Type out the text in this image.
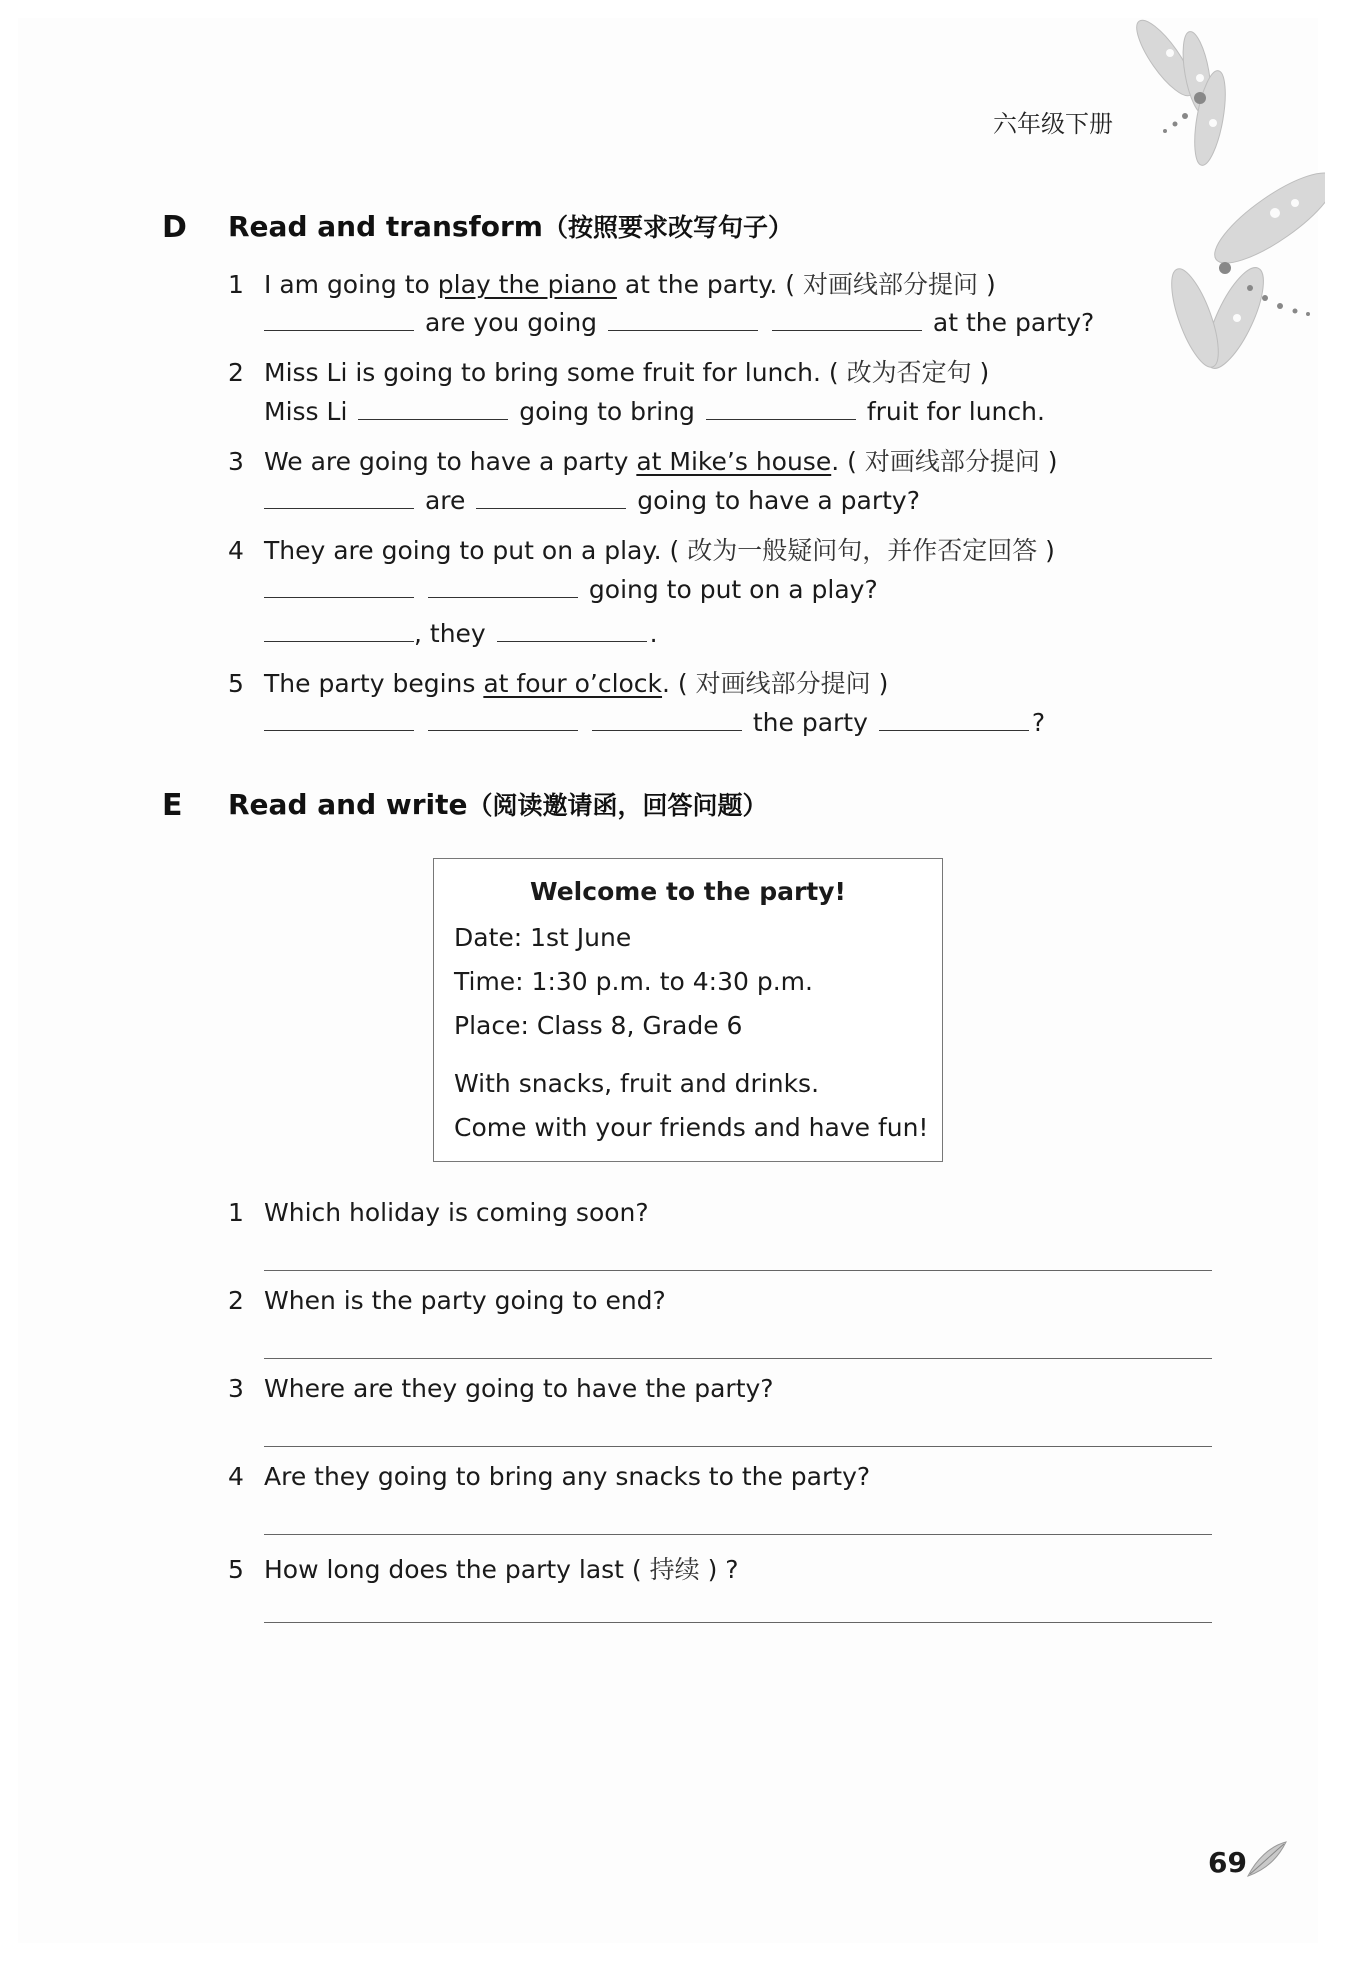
六年级下册
D Read and transform（按照要求改写句子）
1 I am going to play the piano at the party. ( 对画线部分提问 )
are you going	at the party?
2 Miss Li is going to bring some fruit for lunch. ( 改为否定句 )
Miss Li	going to bring	fruit for lunch.
3 We are going to have a party at Mike’s house. ( 对画线部分提问 )
are	going to have a party?
4 They are going to put on a play. ( 改为一般疑问句，并作否定回答 )
going to put on a play?
, they	.
5 The party begins at four o’clock. ( 对画线部分提问 )
the party	?
E Read and write（阅读邀请函，回答问题）
Welcome to the party!
Date: 1st June
Time: 1:30 p.m. to 4:30 p.m.
Place: Class 8, Grade 6
With snacks, fruit and drinks.
Come with your friends and have fun!
1 Which holiday is coming soon?
2 When is the party going to end?
3 Where are they going to have the party?
4 Are they going to bring any snacks to the party?
5 How long does the party last ( 持续 ) ?
69
